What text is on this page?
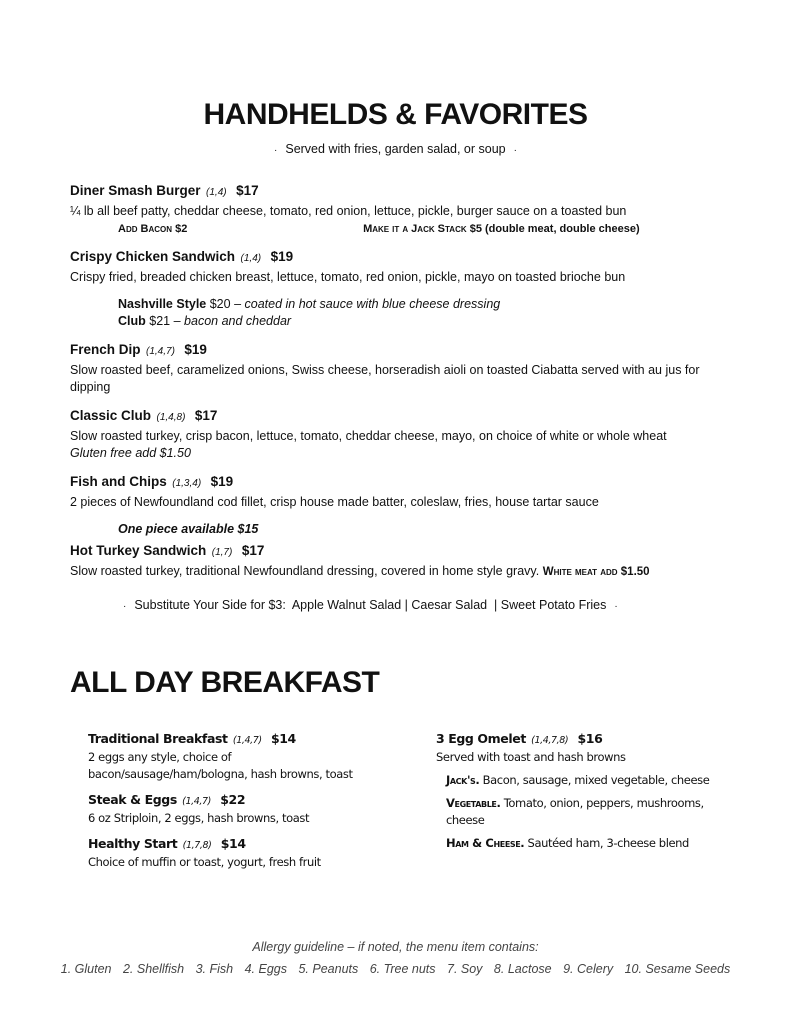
HANDHELDS & FAVORITES
· Served with fries, garden salad, or soup ·
Diner Smash Burger (1,4) $17
¼ lb all beef patty, cheddar cheese, tomato, red onion, lettuce, pickle, burger sauce on a toasted bun
Add Bacon $2	Make it a Jack Stack $5 (double meat, double cheese)
Crispy Chicken Sandwich (1,4) $19
Crispy fried, breaded chicken breast, lettuce, tomato, red onion, pickle, mayo on toasted brioche bun
Nashville Style $20 – coated in hot sauce with blue cheese dressing
Club $21 – bacon and cheddar
French Dip (1,4,7) $19
Slow roasted beef, caramelized onions, Swiss cheese, horseradish aioli on toasted Ciabatta served with au jus for dipping
Classic Club (1,4,8) $17
Slow roasted turkey, crisp bacon, lettuce, tomato, cheddar cheese, mayo, on choice of white or whole wheat
Gluten free add $1.50
Fish and Chips (1,3,4) $19
2 pieces of Newfoundland cod fillet, crisp house made batter, coleslaw, fries, house tartar sauce
One piece available $15
Hot Turkey Sandwich (1,7) $17
Slow roasted turkey, traditional Newfoundland dressing, covered in home style gravy. White meat add $1.50
· Substitute Your Side for $3: Apple Walnut Salad | Caesar Salad  | Sweet Potato Fries ·
ALL DAY BREAKFAST
Traditional Breakfast (1,4,7) $14
2 eggs any style, choice of
bacon/sausage/ham/bologna, hash browns, toast
Steak & Eggs (1,4,7) $22
6 oz Striploin, 2 eggs, hash browns, toast
Healthy Start (1,7,8) $14
Choice of muffin or toast, yogurt, fresh fruit
3 Egg Omelet (1,4,7,8) $16
Served with toast and hash browns
Jack's. Bacon, sausage, mixed vegetable, cheese
Vegetable. Tomato, onion, peppers, mushrooms,
cheese
Ham & Cheese. Sautéed ham, 3-cheese blend
Allergy guideline – if noted, the menu item contains:
1. Gluten 2. Shellfish 3. Fish 4. Eggs 5. Peanuts 6. Tree nuts 7. Soy 8. Lactose 9. Celery 10. Sesame Seeds
